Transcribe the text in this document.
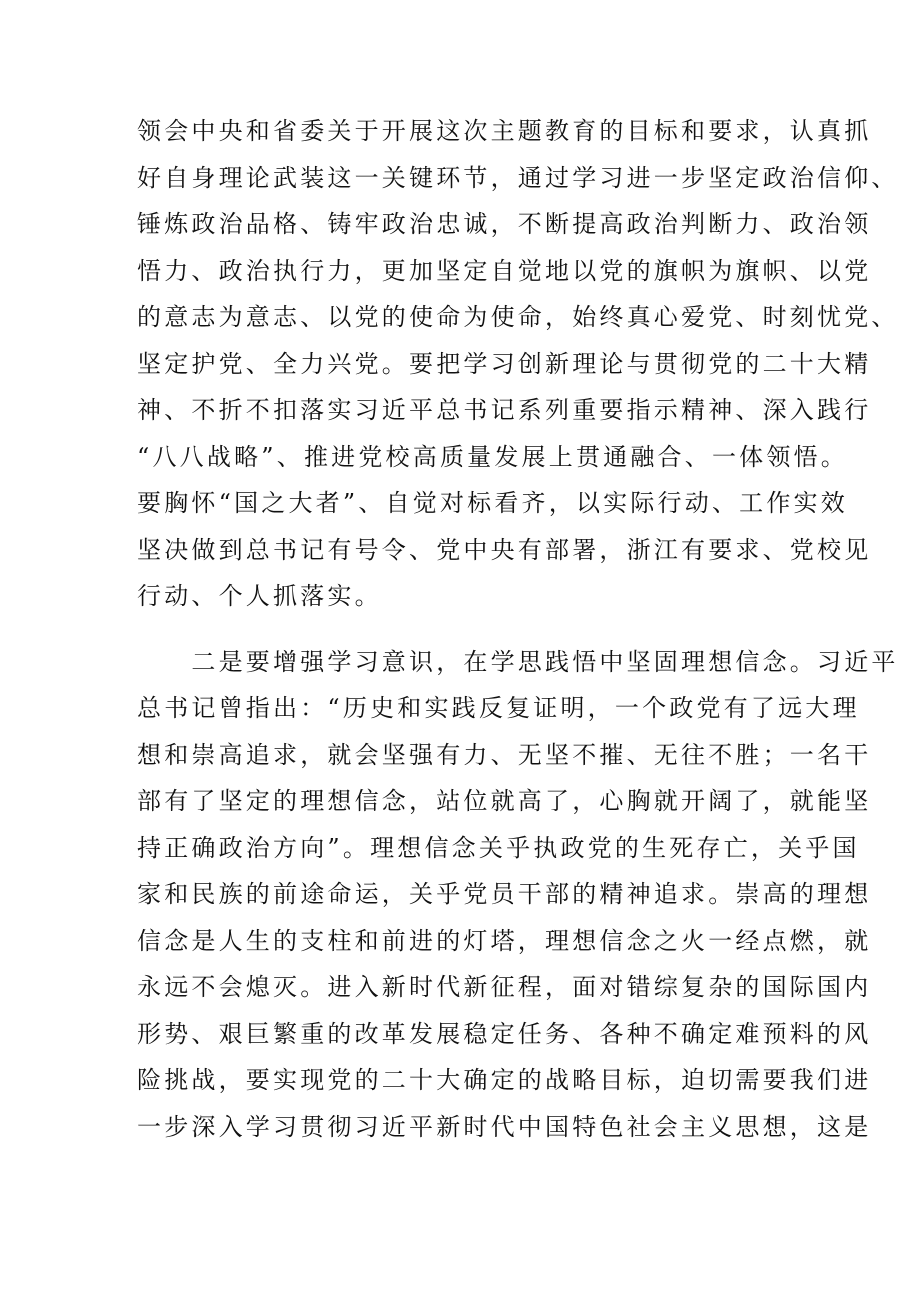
领会中央和省委关于开展这次主题教育的目标和要求，认真抓
好自身理论武装这一关键环节，通过学习进一步坚定政治信仰、
锤炼政治品格、铸牢政治忠诚，不断提高政治判断力、政治领
悟力、政治执行力，更加坚定自觉地以党的旗帜为旗帜、以党
的意志为意志、以党的使命为使命，始终真心爱党、时刻忧党、
坚定护党、全力兴党。要把学习创新理论与贯彻党的二十大精
神、不折不扣落实习近平总书记系列重要指示精神、深入践行
“八八战略”、推进党校高质量发展上贯通融合、一体领悟。
要胸怀“国之大者”、自觉对标看齐，以实际行动、工作实效
坚决做到总书记有号令、党中央有部署，浙江有要求、党校见
行动、个人抓落实。

　　二是要增强学习意识，在学思践悟中坚固理想信念。习近平
总书记曾指出：“历史和实践反复证明，一个政党有了远大理
想和崇高追求，就会坚强有力、无坚不摧、无往不胜；一名干
部有了坚定的理想信念，站位就高了，心胸就开阔了，就能坚
持正确政治方向”。理想信念关乎执政党的生死存亡，关乎国
家和民族的前途命运，关乎党员干部的精神追求。崇高的理想
信念是人生的支柱和前进的灯塔，理想信念之火一经点燃，就
永远不会熄灭。进入新时代新征程，面对错综复杂的国际国内
形势、艰巨繁重的改革发展稳定任务、各种不确定难预料的风
险挑战，要实现党的二十大确定的战略目标，迫切需要我们进
一步深入学习贯彻习近平新时代中国特色社会主义思想，这是
